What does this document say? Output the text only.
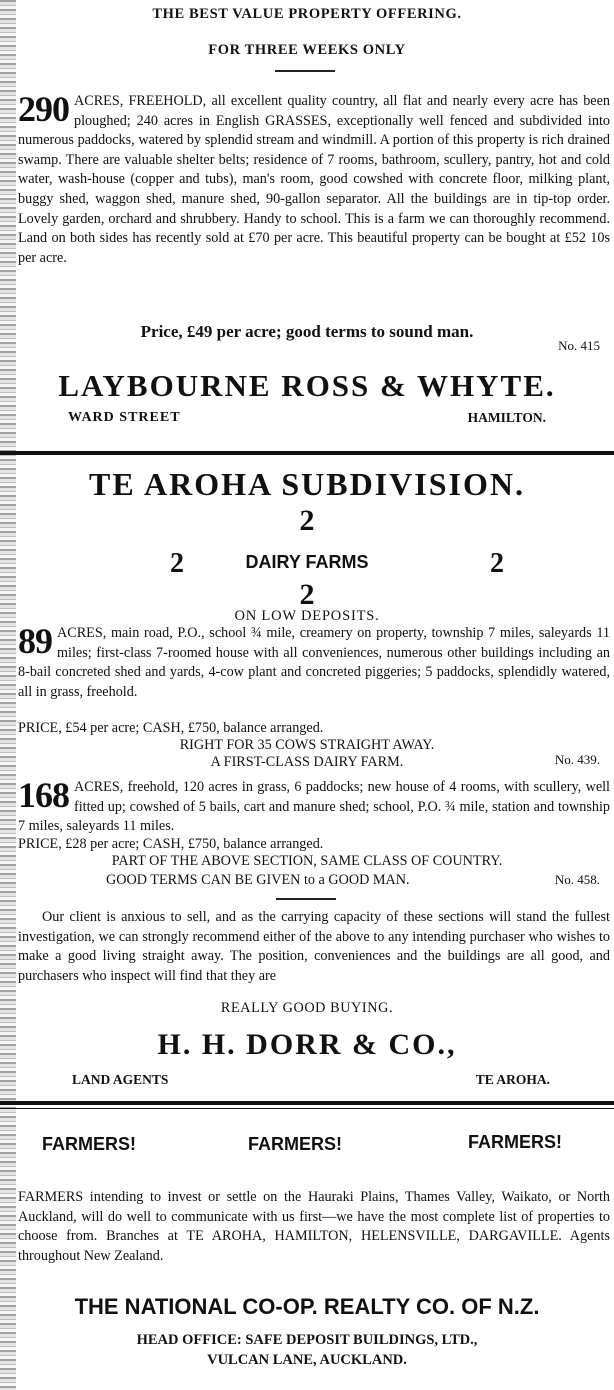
THE BEST VALUE PROPERTY OFFERING.
FOR THREE WEEKS ONLY
290 ACRES, FREEHOLD, all excellent quality country, all flat and nearly every acre has been ploughed; 240 acres in English GRASSES, exceptionally well fenced and subdivided into numerous paddocks, watered by splendid stream and windmill. A portion of this property is rich drained swamp. There are valuable shelter belts; residence of 7 rooms, bathroom, scullery, pantry, hot and cold water, wash-house (copper and tubs), man's room, good cowshed with concrete floor, milking plant, buggy shed, waggon shed, manure shed, 90-gallon separator. All the buildings are in tip-top order. Lovely garden, orchard and shrubbery. Handy to school. This is a farm we can thoroughly recommend. Land on both sides has recently sold at £70 per acre. This beautiful property can be bought at £52 10s per acre.
Price, £49 per acre; good terms to sound man.
No. 415
LAYBOURNE ROSS & WHYTE.
WARD STREET	HAMILTON.
TE AROHA SUBDIVISION.
2
2	DAIRY FARMS	2
2
ON LOW DEPOSITS.
89 ACRES, main road, P.O., school ¾ mile, creamery on property, township 7 miles, saleyards 11 miles; first-class 7-roomed house with all conveniences, numerous other buildings including an 8-bail concreted shed and yards, 4-cow plant and concreted piggeries; 5 paddocks, splendidly watered, all in grass, freehold.
PRICE, £54 per acre; CASH, £750, balance arranged.
RIGHT FOR 35 COWS STRAIGHT AWAY.
A FIRST-CLASS DAIRY FARM.	No. 439.
168 ACRES, freehold, 120 acres in grass, 6 paddocks; new house of 4 rooms, with scullery, well fitted up; cowshed of 5 bails, cart and manure shed; school, P.O. ¾ mile, station and township 7 miles, saleyards 11 miles.
PRICE, £28 per acre; CASH, £750, balance arranged.
PART OF THE ABOVE SECTION, SAME CLASS OF COUNTRY.
GOOD TERMS CAN BE GIVEN to a GOOD MAN.	No. 458.
Our client is anxious to sell, and as the carrying capacity of these sections will stand the fullest investigation, we can strongly recommend either of the above to any intending purchaser who wishes to make a good living straight away. The position, conveniences and the buildings are all good, and purchasers who inspect will find that they are
REALLY GOOD BUYING.
H. H. DORR & CO.,
LAND AGENTS	TE AROHA.
FARMERS!	FARMERS!	FARMERS!
FARMERS intending to invest or settle on the Hauraki Plains, Thames Valley, Waikato, or North Auckland, will do well to communicate with us first—we have the most complete list of properties to choose from. Branches at TE AROHA, HAMILTON, HELENSVILLE, DARGAVILLE. Agents throughout New Zealand.
THE NATIONAL CO-OP. REALTY CO. OF N.Z.
HEAD OFFICE: SAFE DEPOSIT BUILDINGS, LTD.,
VULCAN LANE, AUCKLAND.
